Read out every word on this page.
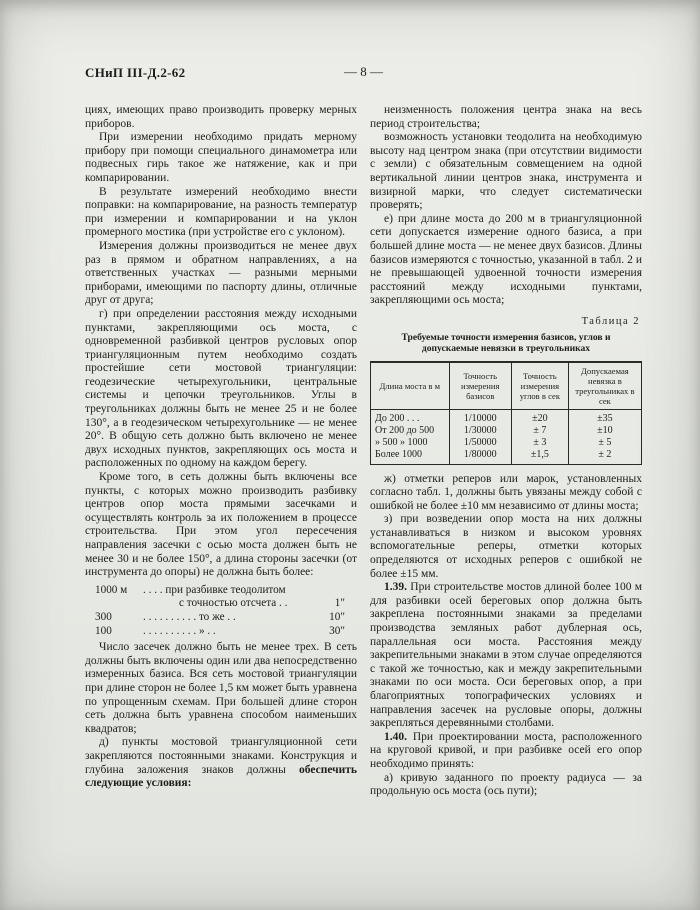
СНиП III-Д.2-62	— 8 —

циях, имеющих право производить проверку мерных приборов.

При измерении необходимо придать мерному прибору при помощи специального динамометра или подвесных гирь такое же натяжение, как и при компарировании.

В результате измерений необходимо внести поправки: на компарирование, на разность температур при измерении и компарировании и на уклон промерного мостика (при устройстве его с уклоном).

Измерения должны производиться не менее двух раз в прямом и обратном направлениях, а на ответственных участках — разными мерными приборами, имеющими по паспорту длины, отличные друг от друга;

г) при определении расстояния между исходными пунктами, закрепляющими ось моста, с одновременной разбивкой центров русловых опор триангуляционным путем необходимо создать простейшие сети мостовой триангуляции: геодезические четырехугольники, центральные системы и цепочки треугольников. Углы в треугольниках должны быть не менее 25 и не более 130°, а в геодезическом четырехугольнике — не менее 20°. В общую сеть должно быть включено не менее двух исходных пунктов, закрепляющих ось моста и расположенных по одному на каждом берегу.

Кроме того, в сеть должны быть включены все пункты, с которых можно производить разбивку центров опор моста прямыми засечками и осуществлять контроль за их положением в процессе строительства. При этом угол пересечения направления засечки с осью моста должен быть не менее 30 и не более 150°, а длина стороны засечки (от инструмента до опоры) не должна быть более:

1000 м	. . . . при разбивке теодолитом
с точностью отсчета . .	1″
300	. . . . . . . . . . то же . .	10″
100	. . . . . . . . . . » . .	30″

Число засечек должно быть не менее трех. В сеть должны быть включены один или два непосредственно измеренных базиса. Вся сеть мостовой триангуляции при длине сторон не более 1,5 км может быть уравнена по упрощенным схемам. При большей длине сторон сеть должна быть уравнена способом наименьших квадратов;

д) пункты мостовой триангуляционной сети закрепляются постоянными знаками. Конструкция и глубина заложения знаков должны обеспечить следующие условия:

неизменность положения центра знака на весь период строительства;

возможность установки теодолита на необходимую высоту над центром знака (при отсутствии видимости с земли) с обязательным совмещением на одной вертикальной линии центров знака, инструмента и визирной марки, что следует систематически проверять;

е) при длине моста до 200 м в триангуляционной сети допускается измерение одного базиса, а при большей длине моста — не менее двух базисов. Длины базисов измеряются с точностью, указанной в табл. 2 и не превышающей удвоенной точности измерения расстояний между исходными пунктами, закрепляющими ось моста;

Таблица 2
Требуемые точности измерения базисов, углов и допускаемые невязки в треугольниках
Длина моста в м	Точность измерения базисов	Точность измерения углов в сек	Допускаемая невязка в треугольниках в сек
До 200 . . .	1/10000	±20	±35
От 200 до 500	1/30000	± 7	±10
» 500 » 1000	1/50000	± 3	± 5
Более 1000	1/80000	±1,5	± 2

ж) отметки реперов или марок, установленных согласно табл. 1, должны быть увязаны между собой с ошибкой не более ±10 мм независимо от длины моста;

з) при возведении опор моста на них должны устанавливаться в низком и высоком уровнях вспомогательные реперы, отметки которых определяются от исходных реперов с ошибкой не более ±15 мм.

1.39. При строительстве мостов длиной более 100 м для разбивки осей береговых опор должна быть закреплена постоянными знаками за пределами производства земляных работ дублерная ось, параллельная оси моста. Расстояния между закрепительными знаками в этом случае определяются с такой же точностью, как и между закрепительными знаками по оси моста. Оси береговых опор, а при благоприятных топографических условиях и направления засечек на русловые опоры, должны закрепляться деревянными столбами.

1.40. При проектировании моста, расположенного на круговой кривой, и при разбивке осей его опор необходимо принять:

а) кривую заданного по проекту радиуса — за продольную ось моста (ось пути);
